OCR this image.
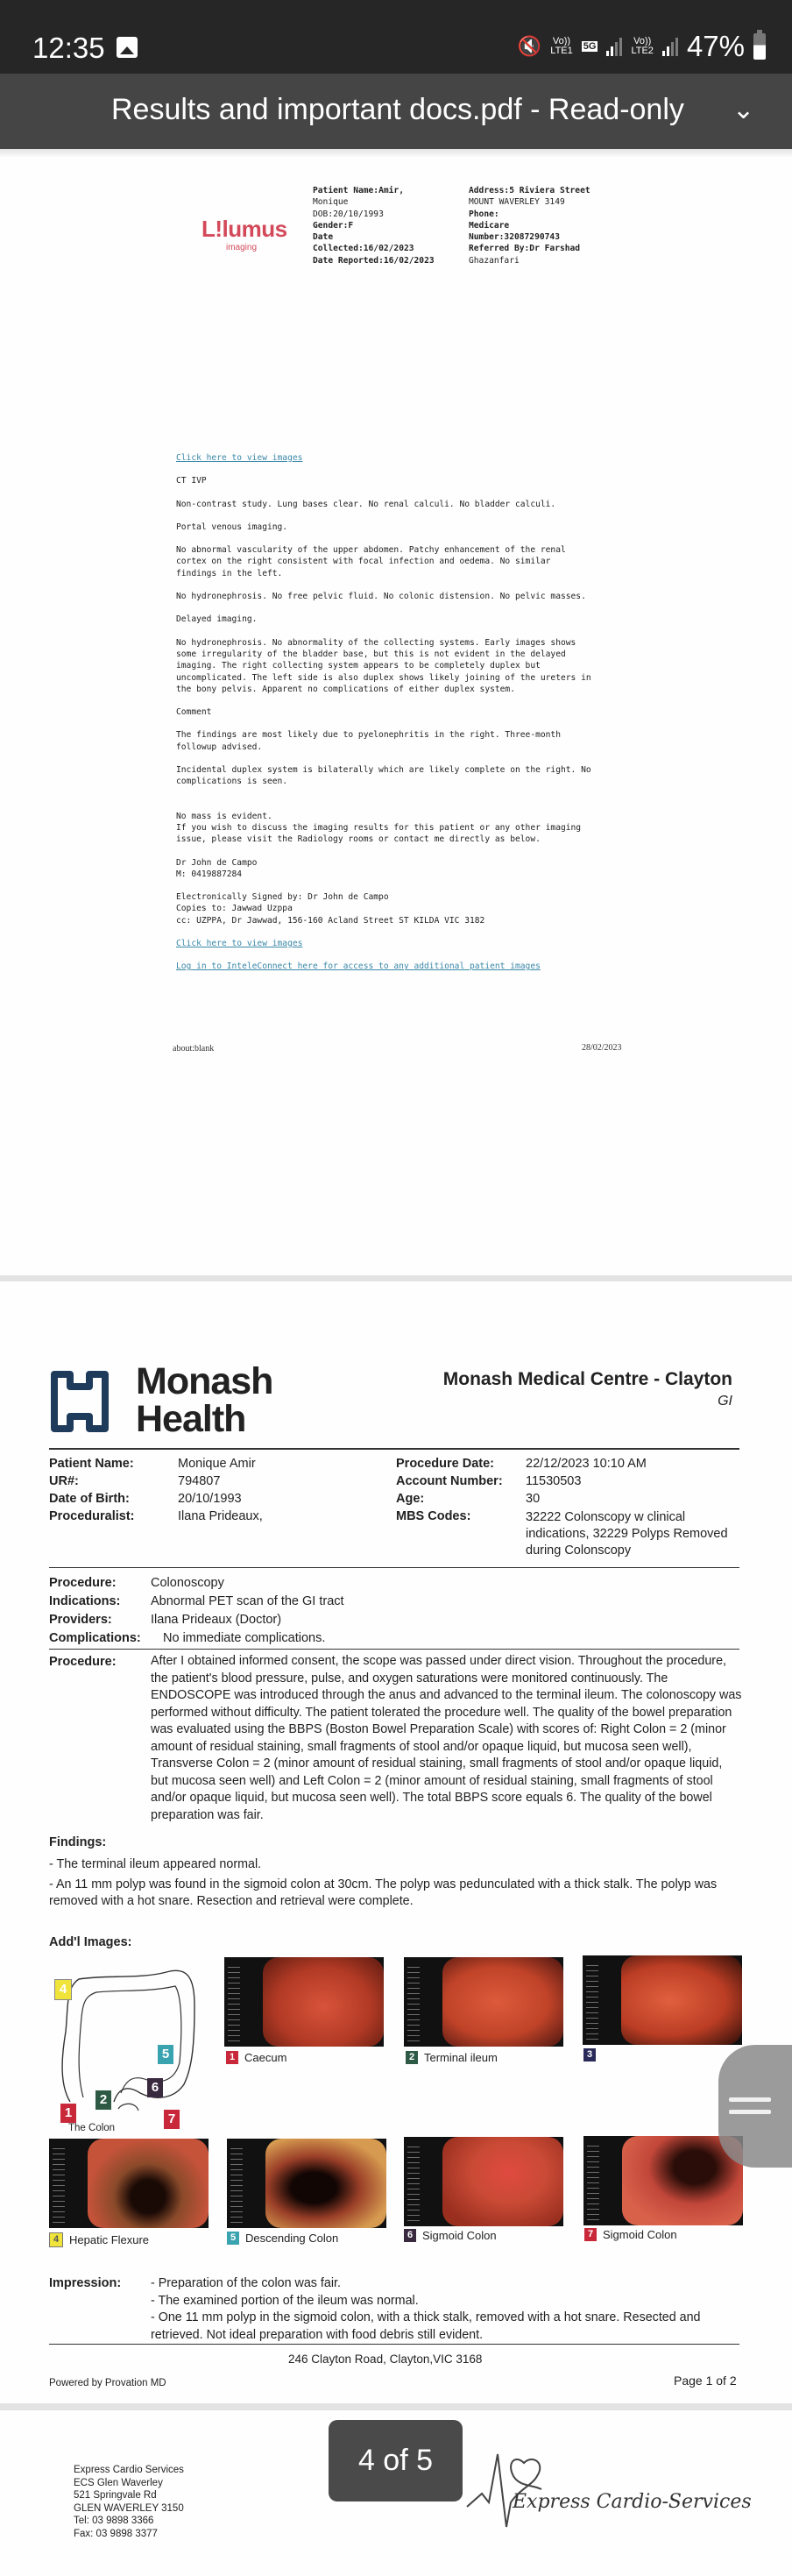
12:35	🔇 Vo))
LTE1 5G	Vo))
LTE2 47%
Results and important docs.pdf - Read-only ⌄
L!lumus
imaging
Patient Name:Amir,
Monique
DOB:20/10/1993
Gender:F
Date
Collected:16/02/2023
Date Reported:16/02/2023
Address:5 Riviera Street
MOUNT WAVERLEY 3149
Phone:
Medicare
Number:32087290743
Referred By:Dr Farshad
Ghazanfari

Click here to view images

CT IVP

Non-contrast study. Lung bases clear. No renal calculi. No bladder calculi.

Portal venous imaging.

No abnormal vascularity of the upper abdomen. Patchy enhancement of the renal
cortex on the right consistent with focal infection and oedema. No similar
findings in the left.

No hydronephrosis. No free pelvic fluid. No colonic distension. No pelvic masses.

Delayed imaging.

No hydronephrosis. No abnormality of the collecting systems. Early images shows
some irregularity of the bladder base, but this is not evident in the delayed
imaging. The right collecting system appears to be completely duplex but
uncomplicated. The left side is also duplex shows likely joining of the ureters in
the bony pelvis. Apparent no complications of either duplex system.

Comment

The findings are most likely due to pyelonephritis in the right. Three-month
followup advised.

Incidental duplex system is bilaterally which are likely complete on the right. No
complications is seen.

No mass is evident.
If you wish to discuss the imaging results for this patient or any other imaging
issue, please visit the Radiology rooms or contact me directly as below.

Dr John de Campo
M: 0419887284

Electronically Signed by: Dr John de Campo
Copies to: Jawwad Uzppa
cc: UZPPA, Dr Jawwad, 156-160 Acland Street ST KILDA VIC 3182

Click here to view images

Log in to InteleConnect here for access to any additional patient images

about:blank	28/02/2023
Monash
Health
Monash Medical Centre - Clayton
GI
Patient Name:	Monique Amir
UR#:	794807
Date of Birth:	20/10/1993
Proceduralist:	Ilana Prideaux,
Procedure Date: 22/12/2023 10:10 AM
Account Number: 11530503
Age:	30
MBS Codes:	32222 Colonscopy w clinical indications, 32229 Polyps Removed during Colonscopy
Procedure:	Colonoscopy
Indications: Abnormal PET scan of the GI tract
Providers:	Ilana Prideaux (Doctor)
Complications: No immediate complications.
Procedure:	After I obtained informed consent, the scope was passed under direct vision. Throughout the procedure, the patient's blood pressure, pulse, and oxygen saturations were monitored continuously. The ENDOSCOPE was introduced through the anus and advanced to the terminal ileum. The colonoscopy was performed without difficulty. The patient tolerated the procedure well. The quality of the bowel preparation was evaluated using the BBPS (Boston Bowel Preparation Scale) with scores of: Right Colon = 2 (minor amount of residual staining, small fragments of stool and/or opaque liquid, but mucosa seen well), Transverse Colon = 2 (minor amount of residual staining, small fragments of stool and/or opaque liquid, but mucosa seen well) and Left Colon = 2 (minor amount of residual staining, small fragments of stool and/or opaque liquid, but mucosa seen well). The total BBPS score equals 6. The quality of the bowel preparation was fair.
Findings:
- The terminal ileum appeared normal.
- An 11 mm polyp was found in the sigmoid colon at 30cm. The polyp was pedunculated with a thick stalk. The polyp was removed with a hot snare. Resection and retrieval were complete.
Add'l Images:
4
5
6
2
1	7
The Colon
1 Caecum	2 Terminal ileum	3
4 Hepatic Flexure	5 Descending Colon	6 Sigmoid Colon	7 Sigmoid Colon
Impression: - Preparation of the colon was fair.
- The examined portion of the ileum was normal.
- One 11 mm polyp in the sigmoid colon, with a thick stalk, removed with a hot snare. Resected and retrieved. Not ideal preparation with food debris still evident.
246 Clayton Road, Clayton,VIC 3168
Powered by Provation MD	Page 1 of 2
Express Cardio Services
ECS Glen Waverley
521 Springvale Rd
GLEN WAVERLEY 3150
Tel: 03 9898 3366
Fax: 03 9898 3377
Express Cardio-Services
4 of 5
